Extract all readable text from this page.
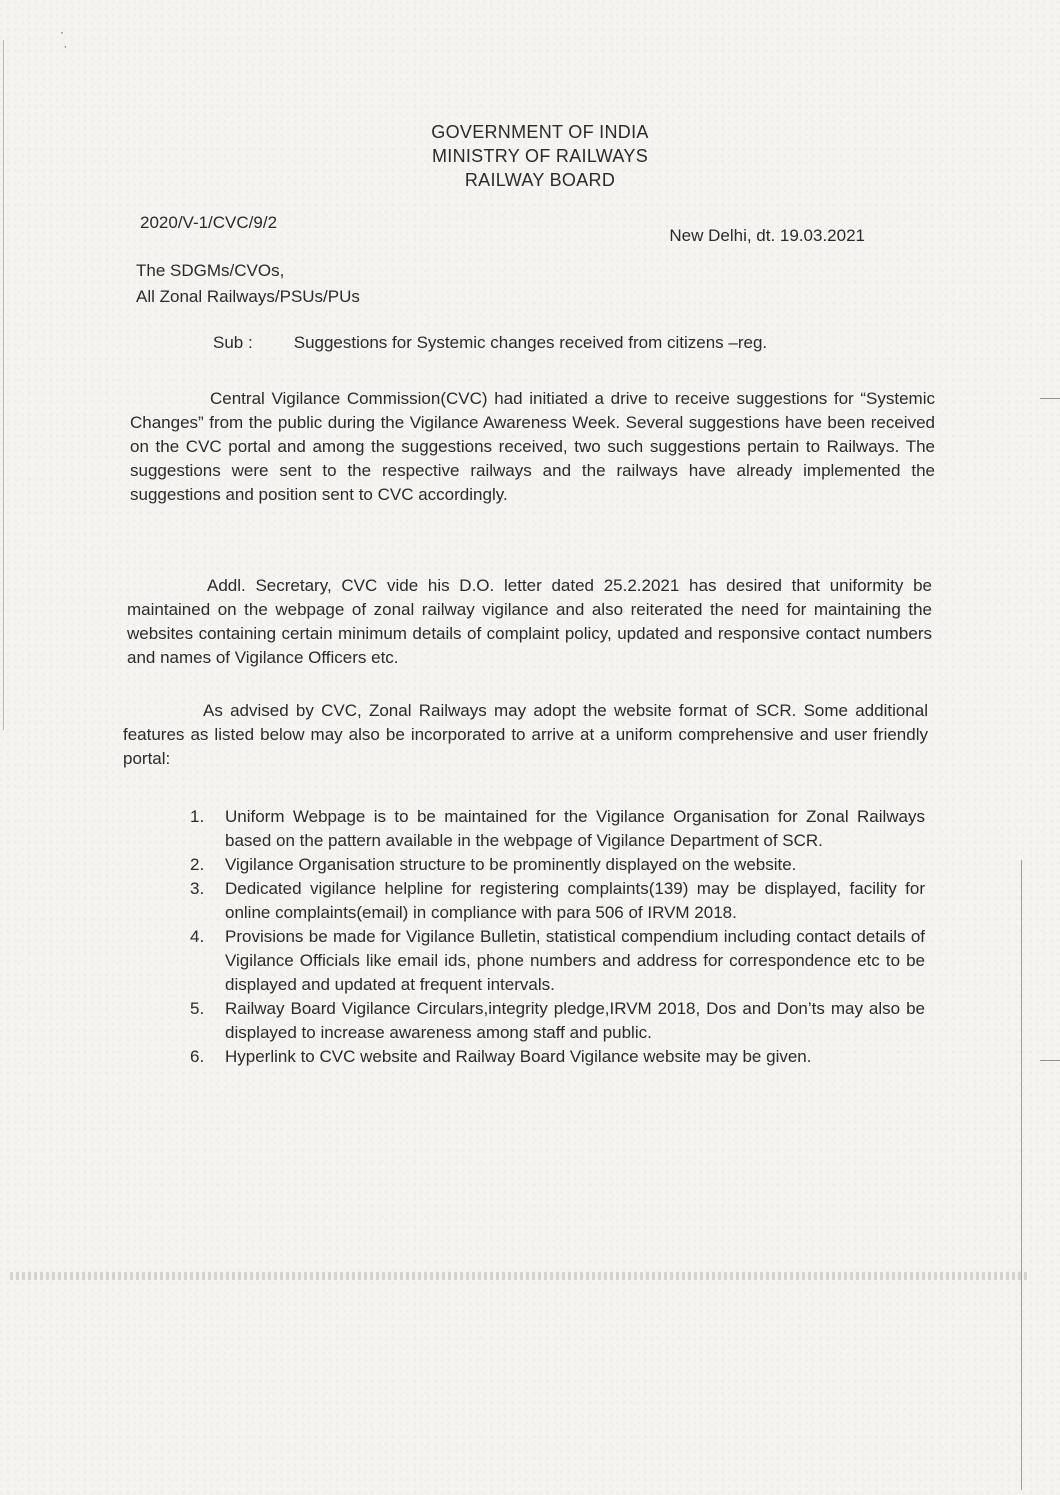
·
·
GOVERNMENT OF INDIA
MINISTRY OF RAILWAYS
RAILWAY BOARD
2020/V-1/CVC/9/2
New Delhi, dt. 19.03.2021
The SDGMs/CVOs,
All Zonal Railways/PSUs/PUs
Sub : Suggestions for Systemic changes received from citizens –reg.
Central Vigilance Commission(CVC) had initiated a drive to receive suggestions for “Systemic Changes” from the public during the Vigilance Awareness Week. Several suggestions have been received on the CVC portal and among the suggestions received, two such suggestions pertain to Railways. The suggestions were sent to the respective railways and the railways have already implemented the suggestions and position sent to CVC accordingly.
Addl. Secretary, CVC vide his D.O. letter dated 25.2.2021 has desired that uniformity be maintained on the webpage of zonal railway vigilance and also reiterated the need for maintaining the websites containing certain minimum details of complaint policy, updated and responsive contact numbers and names of Vigilance Officers etc.
As advised by CVC, Zonal Railways may adopt the website format of SCR. Some additional features as listed below may also be incorporated to arrive at a uniform comprehensive and user friendly portal:
1 .	Uniform Webpage is to be maintained for the Vigilance Organisation for Zonal Railways based on the pattern available in the webpage of Vigilance Department of SCR.
2 .	Vigilance Organisation structure to be prominently displayed on the website.
3 .	Dedicated vigilance helpline for registering complaints(139) may be displayed, facility for online complaints(email) in compliance with para 506 of IRVM 2018.
4 .	Provisions be made for Vigilance Bulletin, statistical compendium including contact details of Vigilance Officials like email ids, phone numbers and address for correspondence etc to be displayed and updated at frequent intervals.
5 .	Railway Board Vigilance Circulars,integrity pledge,IRVM 2018, Dos and Don’ts may also be displayed to increase awareness among staff and public.
6 .	Hyperlink to CVC website and Railway Board Vigilance website may be given.
